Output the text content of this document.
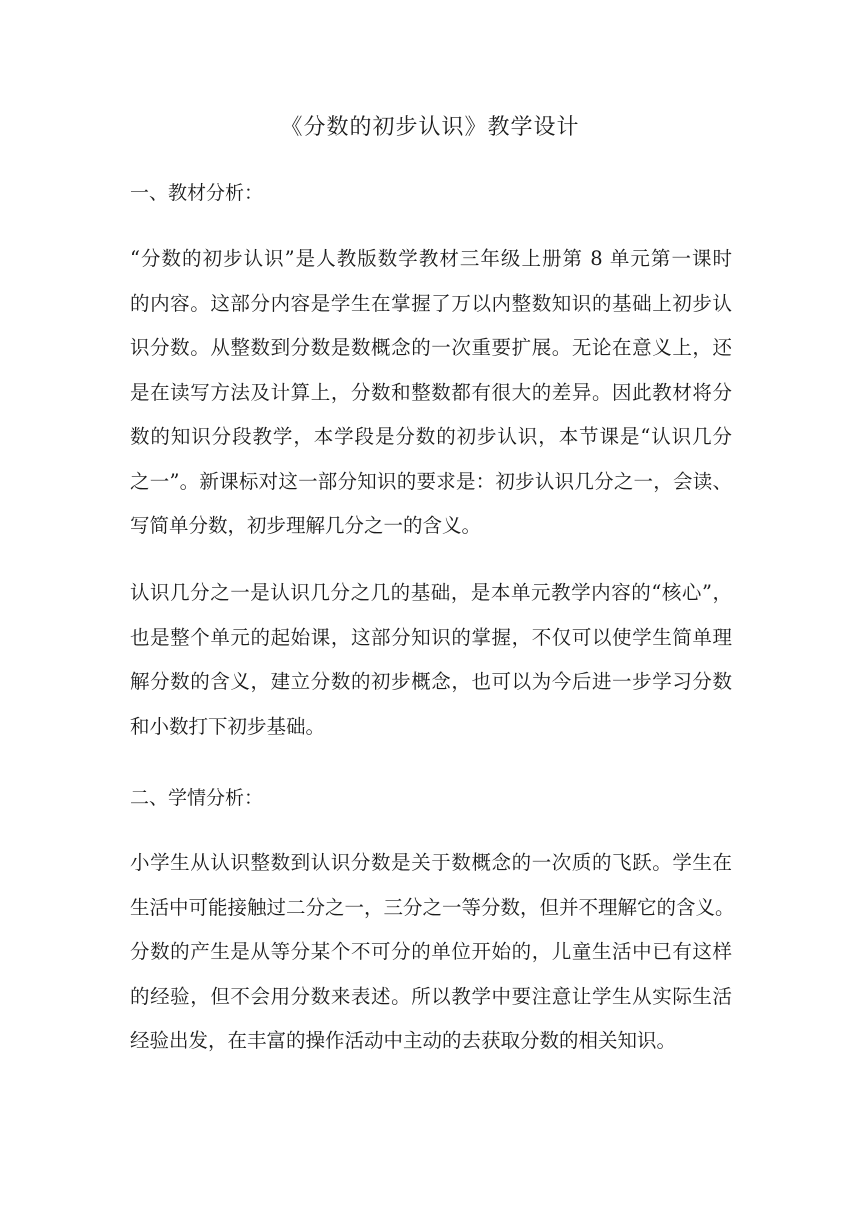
《分数的初步认识》教学设计
一、教材分析：
“分数的初步认识”是人教版数学教材三年级上册第 8 单元第一课时
的内容。这部分内容是学生在掌握了万以内整数知识的基础上初步认
识分数。从整数到分数是数概念的一次重要扩展。无论在意义上，还
是在读写方法及计算上，分数和整数都有很大的差异。因此教材将分
数的知识分段教学，本学段是分数的初步认识，本节课是“认识几分
之一”。新课标对这一部分知识的要求是：初步认识几分之一，会读、
写简单分数，初步理解几分之一的含义。
认识几分之一是认识几分之几的基础，是本单元教学内容的“核心”，
也是整个单元的起始课，这部分知识的掌握，不仅可以使学生简单理
解分数的含义，建立分数的初步概念，也可以为今后进一步学习分数
和小数打下初步基础。
二、学情分析：
小学生从认识整数到认识分数是关于数概念的一次质的飞跃。学生在
生活中可能接触过二分之一，三分之一等分数，但并不理解它的含义。
分数的产生是从等分某个不可分的单位开始的，儿童生活中已有这样
的经验，但不会用分数来表述。所以教学中要注意让学生从实际生活
经验出发，在丰富的操作活动中主动的去获取分数的相关知识。
